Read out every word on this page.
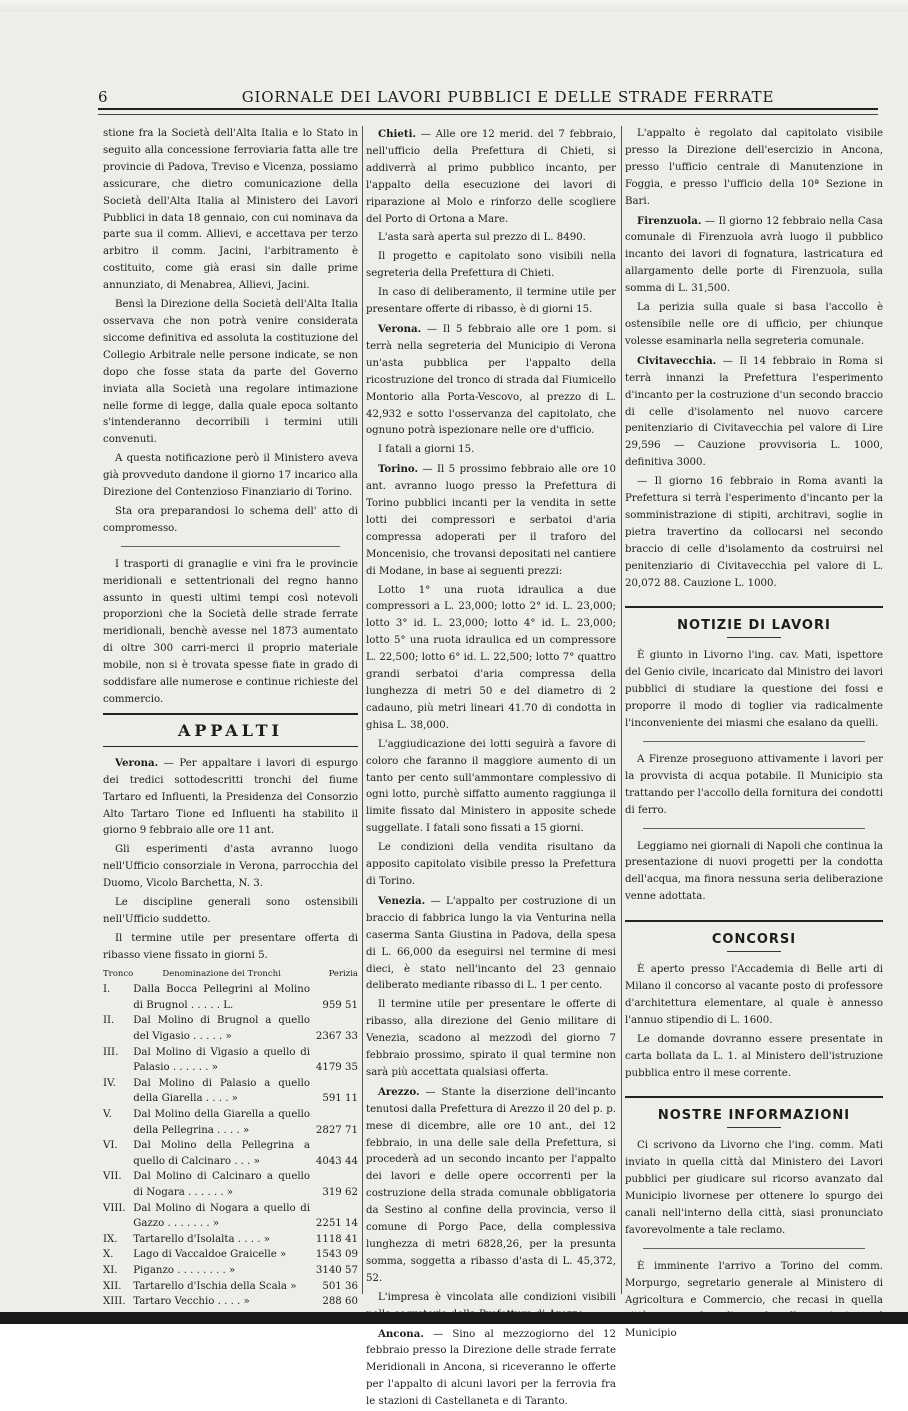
6	GIORNALE DEI LAVORI PUBBLICI E DELLE STRADE FERRATE

stione fra la Società dell'Alta Italia e lo Stato in seguito alla concessione ferroviaria fatta alle tre provincie di Padova, Treviso e Vicenza, possiamo assicurare, che dietro comunicazione della Società dell'Alta Italia al Ministero dei Lavori Pubblici in data 18 gennaio, con cui nominava da parte sua il comm. Allievi, e accettava per terzo arbitro il comm. Jacini, l'arbitramento è costituito, come già erasi sin dalle prime annunziato, di Menabrea, Allievi, Jacini.

Bensì la Direzione della Società dell'Alta Italia osservava che non potrà venire considerata siccome definitiva ed assoluta la costituzione del Collegio Arbitrale nelle persone indicate, se non dopo che fosse stata da parte del Governo inviata alla Società una regolare intimazione nelle forme di legge, dalla quale epoca soltanto s'intenderanno decorribili i termini utili convenuti.

A questa notificazione però il Ministero aveva già provveduto dandone il giorno 17 incarico alla Direzione del Contenzioso Finanziario di Torino.

Sta ora preparandosi lo schema dell' atto di compromesso.

I trasporti di granaglie e vini fra le provincie meridionali e settentrionali del regno hanno assunto in questi ultimi tempi così notevoli proporzioni che la Società delle strade ferrate meridionali, benchè avesse nel 1873 aumentato di oltre 300 carri-merci il proprio materiale mobile, non si è trovata spesse fiate in grado di soddisfare alle numerose e continue richieste del commercio.

APPALTI

Verona. — Per appaltare i lavori di espurgo dei tredici sottodescritti tronchi del fiume Tartaro ed Influenti, la Presidenza del Consorzio Alto Tartaro Tione ed Influenti ha stabilito il giorno 9 febbraio alle ore 11 ant.

Gli esperimenti d'asta avranno luogo nell'Ufficio consorziale in Verona, parrocchia del Duomo, Vicolo Barchetta, N. 3.

Le discipline generali sono ostensibili nell'Ufficio suddetto.

Il termine utile per presentare offerta di ribasso viene fissato in giorni 5.

Tronco	Denominazione dei Tronchi	Perizia
I.	Dalla Bocca Pellegrini al Molino di Brugnol . . . . . L.	959 51
II.	Dal Molino di Brugnol a quello del Vigasio . . . . . »	2367 33
III.	Dal Molino di Vigasio a quello di Palasio . . . . . . »	4179 35
IV.	Dal Molino di Palasio a quello della Giarella . . . . »	591 11
V.	Dal Molino della Giarella a quello della Pellegrina . . . . »	2827 71
VI.	Dal Molino della Pellegrina a quello di Calcinaro . . . »	4043 44
VII.	Dal Molino di Calcinaro a quello di Nogara . . . . . . »	319 62
VIII.	Dal Molino di Nogara a quello di Gazzo . . . . . . . »	2251 14
IX.	Tartarello d'Isolalta . . . . »	1118 41
X.	Lago di Vaccaldoe Graicelle »	1543 09
XI.	Piganzo . . . . . . . . »	3140 57
XII.	Tartarello d'Ischia della Scala »	501 36
XIII.	Tartaro Vecchio . . . . »	288 60

Chieti. — Alle ore 12 merid. del 7 febbraio, nell'ufficio della Prefettura di Chieti, si addiverrà al primo pubblico incanto, per l'appalto della esecuzione dei lavori di riparazione al Molo e rinforzo delle scogliere del Porto di Ortona a Mare.

L'asta sarà aperta sul prezzo di L. 8490.

Il progetto e capitolato sono visibili nella segreteria della Prefettura di Chieti.

In caso di deliberamento, il termine utile per presentare offerte di ribasso, è di giorni 15.

Verona. — Il 5 febbraio alle ore 1 pom. si terrà nella segreteria del Municipio di Verona un'asta pubblica per l'appalto della ricostruzione del tronco di strada dal Fiumicello Montorio alla Porta-Vescovo, al prezzo di L. 42,932 e sotto l'osservanza del capitolato, che ognuno potrà ispezionare nelle ore d'ufficio.

I fatali a giorni 15.

Torino. — Il 5 prossimo febbraio alle ore 10 ant. avranno luogo presso la Prefettura di Torino pubblici incanti per la vendita in sette lotti dei compressori e serbatoi d'aria compressa adoperati per il traforo del Moncenisio, che trovansi depositati nel cantiere di Modane, in base ai seguenti prezzi:

Lotto 1° una ruota idraulica a due compressori a L. 23,000; lotto 2° id. L. 23,000; lotto 3° id. L. 23,000; lotto 4° id. L. 23,000; lotto 5° una ruota idraulica ed un compressore L. 22,500; lotto 6° id. L. 22,500; lotto 7° quattro grandi serbatoi d'aria compressa della lunghezza di metri 50 e del diametro di 2 cadauno, più metri lineari 41.70 di condotta in ghisa L. 38,000.

L'aggiudicazione dei lotti seguirà a favore di coloro che faranno il maggiore aumento di un tanto per cento sull'ammontare complessivo di ogni lotto, purchè siffatto aumento raggiunga il limite fissato dal Ministero in apposite schede suggellate. I fatali sono fissati a 15 giorni.

Le condizioni della vendita risultano da apposito capitolato visibile presso la Prefettura di Torino.

Venezia. — L'appalto per costruzione di un braccio di fabbrica lungo la via Venturina nella caserma Santa Giustina in Padova, della spesa di L. 66,000 da eseguirsi nel termine di mesi dieci, è stato nell'incanto del 23 gennaio deliberato mediante ribasso di L. 1 per cento.

Il termine utile per presentare le offerte di ribasso, alla direzione del Genio militare di Venezia, scadono al mezzodì del giorno 7 febbraio prossimo, spirato il qual termine non sarà più accettata qualsiasi offerta.

Arezzo. — Stante la diserzione dell'incanto tenutosi dalla Prefettura di Arezzo il 20 del p. p. mese di dicembre, alle ore 10 ant., del 12 febbraio, in una delle sale della Prefettura, si procederà ad un secondo incanto per l'appalto dei lavori e delle opere occorrenti per la costruzione della strada comunale obbligatoria da Sestino al confine della provincia, verso il comune di Porgo Pace, della complessiva lunghezza di metri 6828,26, per la presunta somma, soggetta a ribasso d'asta di L. 45,372, 52.

L'impresa è vincolata alle condizioni visibili

Ancona. — Sino al mezzogiorno del 12 febbraio presso la Direzione delle strade ferrate Meridionali in Ancona, si riceveranno le offerte per l'appalto di alcuni lavori per la ferrovia fra le stazioni di Castellaneta e di Taranto.

L'appalto è regolato dal capitolato visibile presso la Direzione dell'esercizio in Ancona, presso l'ufficio centrale di Manutenzione in Foggia, e presso l'ufficio della 10ª Sezione in Bari.

Firenzuola. — Il giorno 12 febbraio nella Casa comunale di Firenzuola avrà luogo il pubblico incanto dei lavori di fognatura, lastricatura ed allargamento delle porte di Firenzuola, sulla somma di L. 31,500.

La perizia sulla quale si basa l'accollo è ostensibile nelle ore di ufficio, per chiunque volesse esaminarla nella segreteria comunale.

Civitavecchia. — Il 14 febbraio in Roma si terrà innanzi la Prefettura l'esperimento d'incanto per la costruzione d'un secondo braccio di celle d'isolamento nel nuovo carcere penitenziario di Civitavecchia pel valore di Lire 29,596 — Cauzione provvisoria L. 1000, definitiva 3000.

— Il giorno 16 febbraio in Roma avanti la Prefettura si terrà l'esperimento d'incanto per la somministrazione di stipiti, architravi, soglie in pietra travertino da collocarsi nel secondo braccio di celle d'isolamento da costruirsi nel penitenziario di Civitavecchia pel valore di L. 20,072 88. Cauzione L. 1000.

NOTIZIE DI LAVORI

È giunto in Livorno l'ing. cav. Mati, ispettore del Genio civile, incaricato dal Ministro dei lavori pubblici di studiare la questione dei fossi e proporre il modo di toglier via radicalmente l'inconveniente dei miasmi che esalano da quelli.

A Firenze proseguono attivamente i lavori per la provvista di acqua potabile. Il Municipio sta trattando per l'accollo della fornitura dei condotti di ferro.

Leggiamo nei giornali di Napoli che continua la presentazione di nuovi progetti per la condotta dell'acqua, ma finora nessuna seria deliberazione venne adottata.

CONCORSI

È aperto presso l'Accademia di Belle arti di Milano il concorso al vacante posto di professore d'architettura elementare, al quale è annesso l'annuo stipendio di L. 1600.

Le domande dovranno essere presentate in carta bollata da L. 1. al Ministero dell'istruzione pubblica entro il mese corrente.

NOSTRE INFORMAZIONI

Ci scrivono da Livorno che l'ing. comm. Mati inviato in quella città dal Ministero dei Lavori pubblici per giudicare sul ricorso avanzato dal Municipio livornese per ottenere lo spurgo dei canali nell'interno della città, siasi pronunciato favorevolmente a tale reclamo.

È imminente l'arrivo a Torino del comm. Morpurgo, segretario generale al Ministero di Agricoltura e Commercio, che recasi in quella Municipio
